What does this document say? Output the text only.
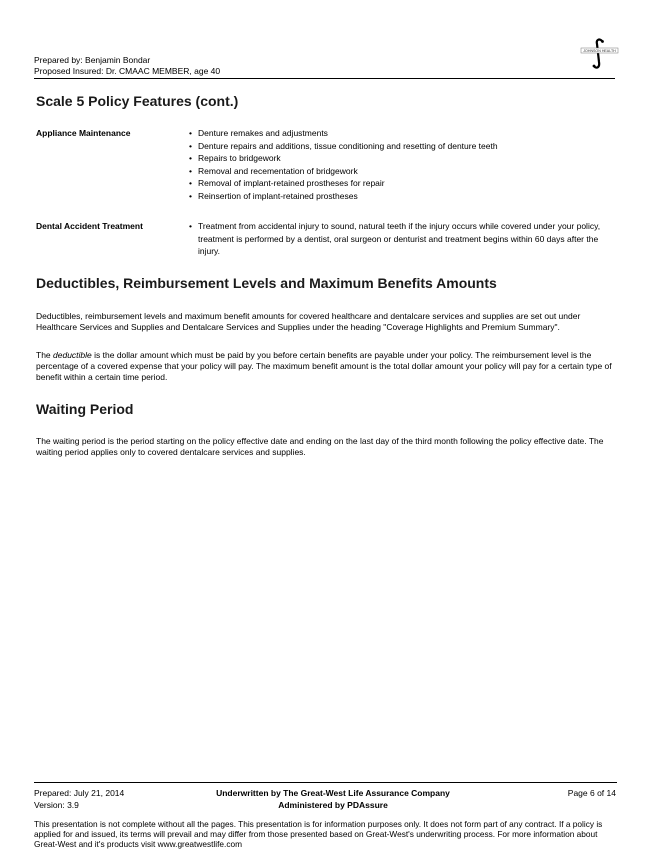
Prepared by: Benjamin Bondar
Proposed Insured: Dr. CMAAC MEMBER, age 40
JOHNSON HEALTH
Scale 5 Policy Features (cont.)
Appliance Maintenance	• Denture remakes and adjustments
• Denture repairs and additions, tissue conditioning and resetting of denture teeth
• Repairs to bridgework
• Removal and recementation of bridgework
• Removal of implant-retained prostheses for repair
• Reinsertion of implant-retained prostheses
Dental Accident Treatment	• Treatment from accidental injury to sound, natural teeth if the injury occurs while covered under your policy, treatment is performed by a dentist, oral surgeon or denturist and treatment begins within 60 days after the injury.
Deductibles, Reimbursement Levels and Maximum Benefits Amounts
Deductibles, reimbursement levels and maximum benefit amounts for covered healthcare and dentalcare services and supplies are set out under Healthcare Services and Supplies and Dentalcare Services and Supplies under the heading "Coverage Highlights and Premium Summary".
The deductible is the dollar amount which must be paid by you before certain benefits are payable under your policy. The reimbursement level is the percentage of a covered expense that your policy will pay. The maximum benefit amount is the total dollar amount your policy will pay for a certain type of benefit within a certain time period.
Waiting Period
The waiting period is the period starting on the policy effective date and ending on the last day of the third month following the policy effective date. The waiting period applies only to covered dentalcare services and supplies.
Prepared: July 21, 2014
Version: 3.9
Underwritten by The Great-West Life Assurance Company
Administered by PDAssure
Page 6 of 14
This presentation is not complete without all the pages. This presentation is for information purposes only. It does not form part of any contract. If a policy is applied for and issued, its terms will prevail and may differ from those presented based on Great-West's underwriting process. For more information about Great-West and it's products visit www.greatwestlife.com
